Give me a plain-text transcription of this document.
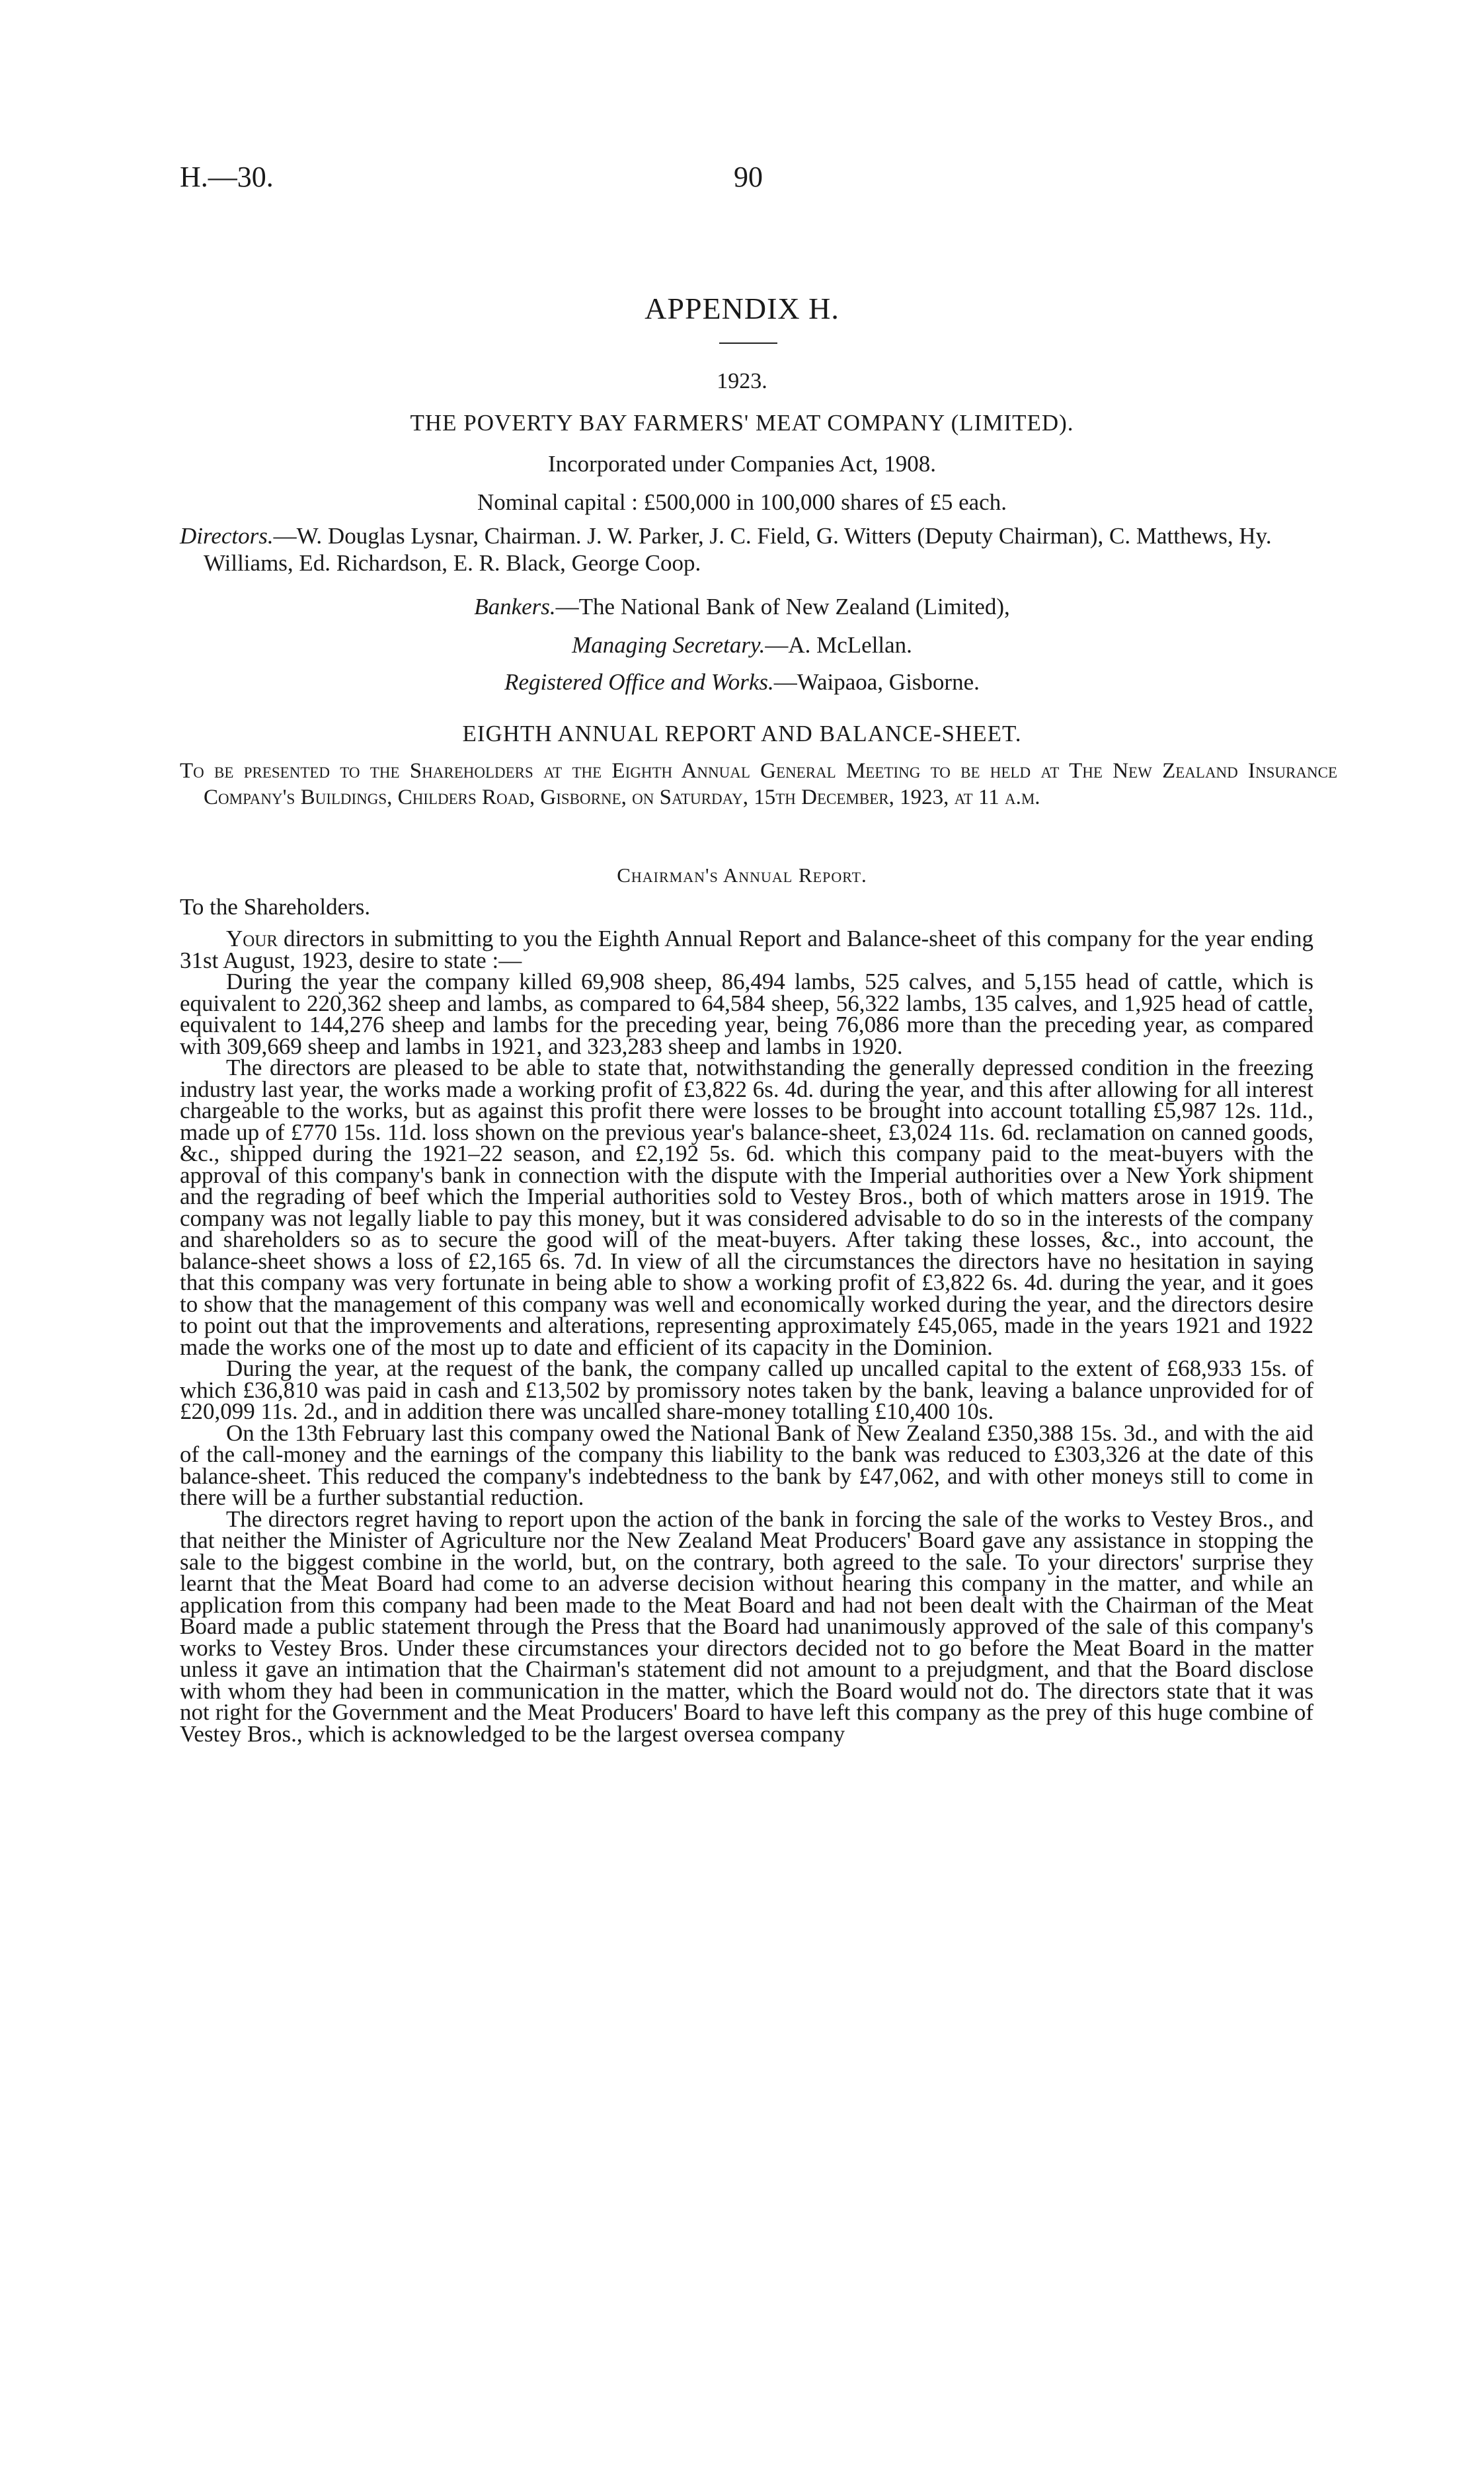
H.—30.	90
APPENDIX H.
1923.
THE POVERTY BAY FARMERS' MEAT COMPANY (LIMITED).
Incorporated under Companies Act, 1908.
Nominal capital : £500,000 in 100,000 shares of £5 each.
Directors.—W. Douglas Lysnar, Chairman. J. W. Parker, J. C. Field, G. Witters (Deputy Chairman), C. Matthews, Hy. Williams, Ed. Richardson, E. R. Black, George Coop.
Bankers.—The National Bank of New Zealand (Limited),
Managing Secretary.—A. McLellan.
Registered Office and Works.—Waipaoa, Gisborne.
EIGHTH ANNUAL REPORT AND BALANCE-SHEET.
To be presented to the Shareholders at the Eighth Annual General Meeting to be held at The New Zealand Insurance Company's Buildings, Childers Road, Gisborne, on Saturday, 15th December, 1923, at 11 a.m.
Chairman's Annual Report.
To the Shareholders.

Your directors in submitting to you the Eighth Annual Report and Balance-sheet of this company for the year ending 31st August, 1923, desire to state :—

During the year the company killed 69,908 sheep, 86,494 lambs, 525 calves, and 5,155 head of cattle, which is equivalent to 220,362 sheep and lambs, as compared to 64,584 sheep, 56,322 lambs, 135 calves, and 1,925 head of cattle, equivalent to 144,276 sheep and lambs for the preceding year, being 76,086 more than the preceding year, as compared with 309,669 sheep and lambs in 1921, and 323,283 sheep and lambs in 1920.

The directors are pleased to be able to state that, notwithstanding the generally depressed condition in the freezing industry last year, the works made a working profit of £3,822 6s. 4d. during the year, and this after allowing for all interest chargeable to the works, but as against this profit there were losses to be brought into account totalling £5,987 12s. 11d., made up of £770 15s. 11d. loss shown on the previous year's balance-sheet, £3,024 11s. 6d. reclamation on canned goods, &c., shipped during the 1921–22 season, and £2,192 5s. 6d. which this company paid to the meat-buyers with the approval of this company's bank in connection with the dispute with the Imperial authorities over a New York shipment and the regrading of beef which the Imperial authorities sold to Vestey Bros., both of which matters arose in 1919. The company was not legally liable to pay this money, but it was considered advisable to do so in the interests of the company and shareholders so as to secure the good will of the meat-buyers. After taking these losses, &c., into account, the balance-sheet shows a loss of £2,165 6s. 7d. In view of all the circumstances the directors have no hesitation in saying that this company was very fortunate in being able to show a working profit of £3,822 6s. 4d. during the year, and it goes to show that the management of this company was well and economically worked during the year, and the directors desire to point out that the improvements and alterations, representing approximately £45,065, made in the years 1921 and 1922 made the works one of the most up to date and efficient of its capacity in the Dominion.

During the year, at the request of the bank, the company called up uncalled capital to the extent of £68,933 15s. of which £36,810 was paid in cash and £13,502 by promissory notes taken by the bank, leaving a balance unprovided for of £20,099 11s. 2d., and in addition there was uncalled share-money totalling £10,400 10s.

On the 13th February last this company owed the National Bank of New Zealand £350,388 15s. 3d., and with the aid of the call-money and the earnings of the company this liability to the bank was reduced to £303,326 at the date of this balance-sheet. This reduced the company's indebtedness to the bank by £47,062, and with other moneys still to come in there will be a further substantial reduction.

The directors regret having to report upon the action of the bank in forcing the sale of the works to Vestey Bros., and that neither the Minister of Agriculture nor the New Zealand Meat Producers' Board gave any assistance in stopping the sale to the biggest combine in the world, but, on the contrary, both agreed to the sale. To your directors' surprise they learnt that the Meat Board had come to an adverse decision without hearing this company in the matter, and while an application from this company had been made to the Meat Board and had not been dealt with the Chairman of the Meat Board made a public statement through the Press that the Board had unanimously approved of the sale of this company's works to Vestey Bros. Under these circumstances your directors decided not to go before the Meat Board in the matter unless it gave an intimation that the Chairman's statement did not amount to a prejudgment, and that the Board disclose with whom they had been in communication in the matter, which the Board would not do. The directors state that it was not right for the Government and the Meat Producers' Board to have left this company as the prey of this huge combine of Vestey Bros., which is acknowledged to be the largest oversea company
